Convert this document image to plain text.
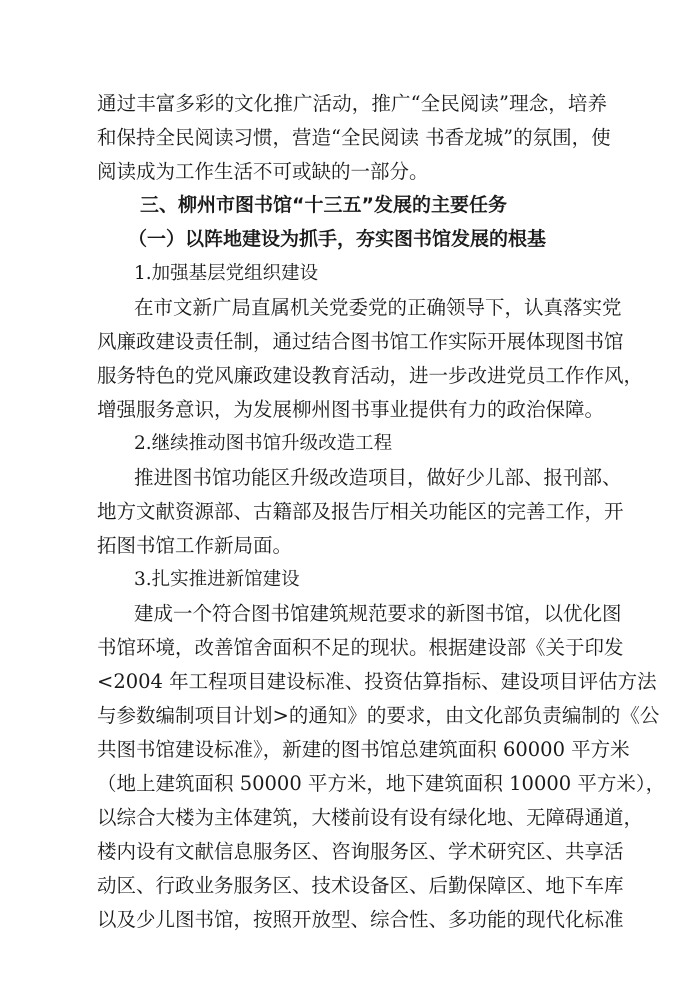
通过丰富多彩的文化推广活动，推广“全民阅读”理念，培养
和保持全民阅读习惯，营造“全民阅读 书香龙城”的氛围，使
阅读成为工作生活不可或缺的一部分。
三、柳州市图书馆“十三五”发展的主要任务
（一）以阵地建设为抓手，夯实图书馆发展的根基
1.加强基层党组织建设
在市文新广局直属机关党委党的正确领导下，认真落实党
风廉政建设责任制，通过结合图书馆工作实际开展体现图书馆
服务特色的党风廉政建设教育活动，进一步改进党员工作作风，
增强服务意识，为发展柳州图书事业提供有力的政治保障。
2.继续推动图书馆升级改造工程
推进图书馆功能区升级改造项目，做好少儿部、报刊部、
地方文献资源部、古籍部及报告厅相关功能区的完善工作，开
拓图书馆工作新局面。
3.扎实推进新馆建设
建成一个符合图书馆建筑规范要求的新图书馆，以优化图
书馆环境，改善馆舍面积不足的现状。根据建设部《关于印发
<2004 年工程项目建设标准、投资估算指标、建设项目评估方法
与参数编制项目计划>的通知》的要求，由文化部负责编制的《公
共图书馆建设标准》，新建的图书馆总建筑面积 60000 平方米
（地上建筑面积 50000 平方米，地下建筑面积 10000 平方米），
以综合大楼为主体建筑，大楼前设有设有绿化地、无障碍通道，
楼内设有文献信息服务区、咨询服务区、学术研究区、共享活
动区、行政业务服务区、技术设备区、后勤保障区、地下车库
以及少儿图书馆，按照开放型、综合性、多功能的现代化标准
